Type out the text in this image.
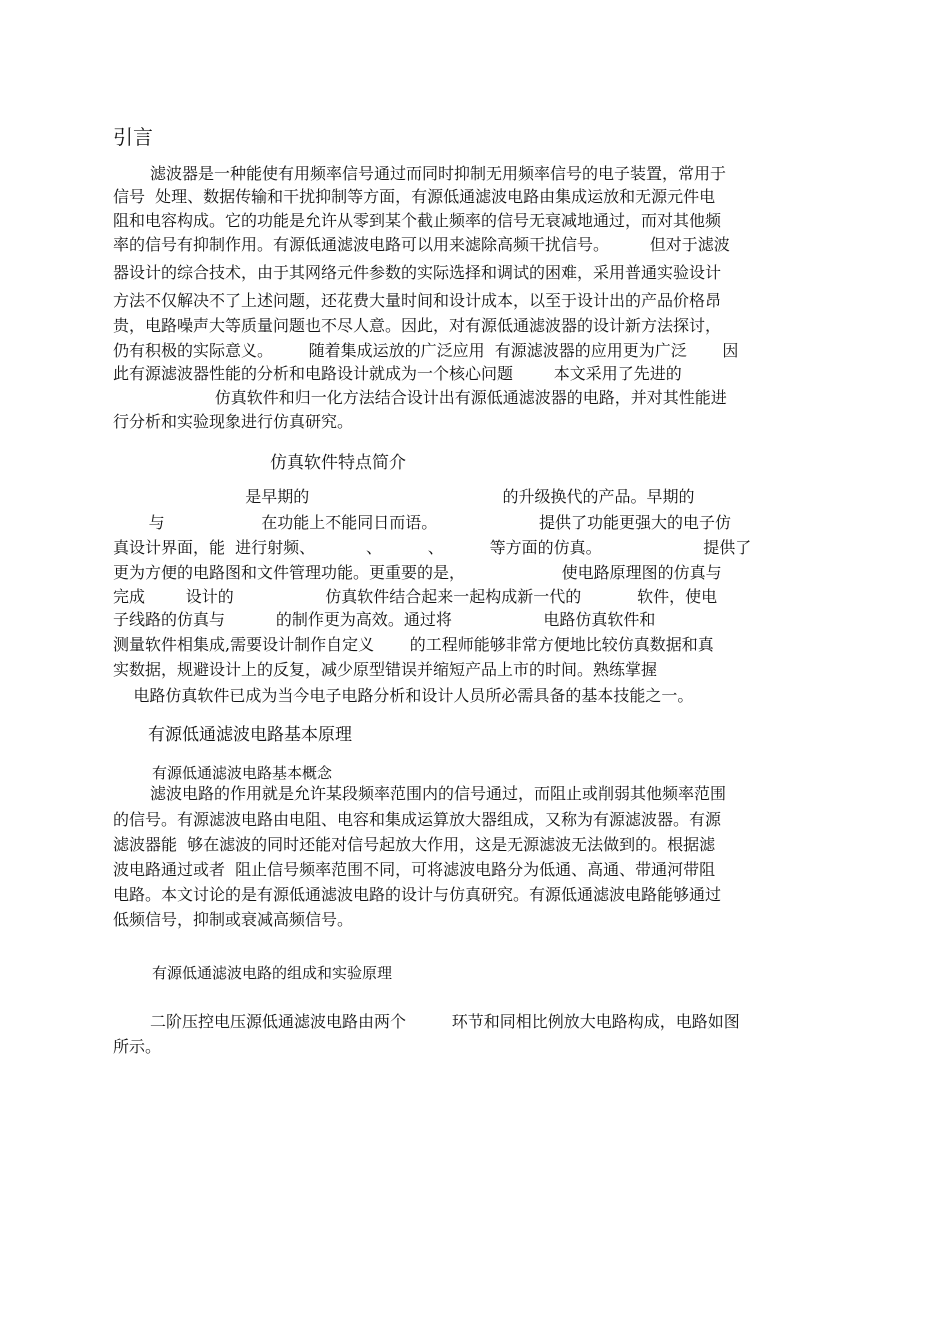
引言

滤波器是一种能使有用频率信号通过而同时抑制无用频率信号的电子装置，常用于

信号  处理、数据传输和干扰抑制等方面，有源低通滤波电路由集成运放和无源元件电

阻和电容构成。它的功能是允许从零到某个截止频率的信号无衰减地通过，而对其他频

率的信号有抑制作用。有源低通滤波电路可以用来滤除高频干扰信号。        但对于滤波

器设计的综合技术，由于其网络元件参数的实际选择和调试的困难，采用普通实验设计

方法不仅解决不了上述问题，还花费大量时间和设计成本，以至于设计出的产品价格昂

贵，电路噪声大等质量问题也不尽人意。因此，对有源低通滤波器的设计新方法探讨，

仍有积极的实际意义。       随着集成运放的广泛应用  有源滤波器的应用更为广泛       因

此有源滤波器性能的分析和电路设计就成为一个核心问题        本文采用了先进的

仿真软件和归一化方法结合设计出有源低通滤波器的电路，并对其性能进

行分析和实验现象进行仿真研究。

仿真软件特点简介

是早期的                                      的升级换代的产品。早期的

与                   在功能上不能同日而语。                    提供了功能更强大的电子仿

真设计界面，能  进行射频、          、         、         等方面的仿真。                    提供了

更为方便的电路图和文件管理功能。更重要的是，                   使电路原理图的仿真与

完成        设计的                  仿真软件结合起来一起构成新一代的           软件，使电

子线路的仿真与          的制作更为高效。通过将                  电路仿真软件和

测量软件相集成,需要设计制作自定义       的工程师能够非常方便地比较仿真数据和真

实数据，规避设计上的反复，减少原型错误并缩短产品上市的时间。熟练掌握

电路仿真软件已成为当今电子电路分析和设计人员所必需具备的基本技能之一。

有源低通滤波电路基本原理
有源低通滤波电路基本概念

滤波电路的作用就是允许某段频率范围内的信号通过，而阻止或削弱其他频率范围

的信号。有源滤波电路由电阻、电容和集成运算放大器组成，又称为有源滤波器。有源

滤波器能  够在滤波的同时还能对信号起放大作用，这是无源滤波无法做到的。根据滤

波电路通过或者  阻止信号频率范围不同，可将滤波电路分为低通、高通、带通河带阻

电路。本文讨论的是有源低通滤波电路的设计与仿真研究。有源低通滤波电路能够通过

低频信号，抑制或衰减高频信号。

有源低通滤波电路的组成和实验原理

二阶压控电压源低通滤波电路由两个         环节和同相比例放大电路构成，电路如图

所示。
